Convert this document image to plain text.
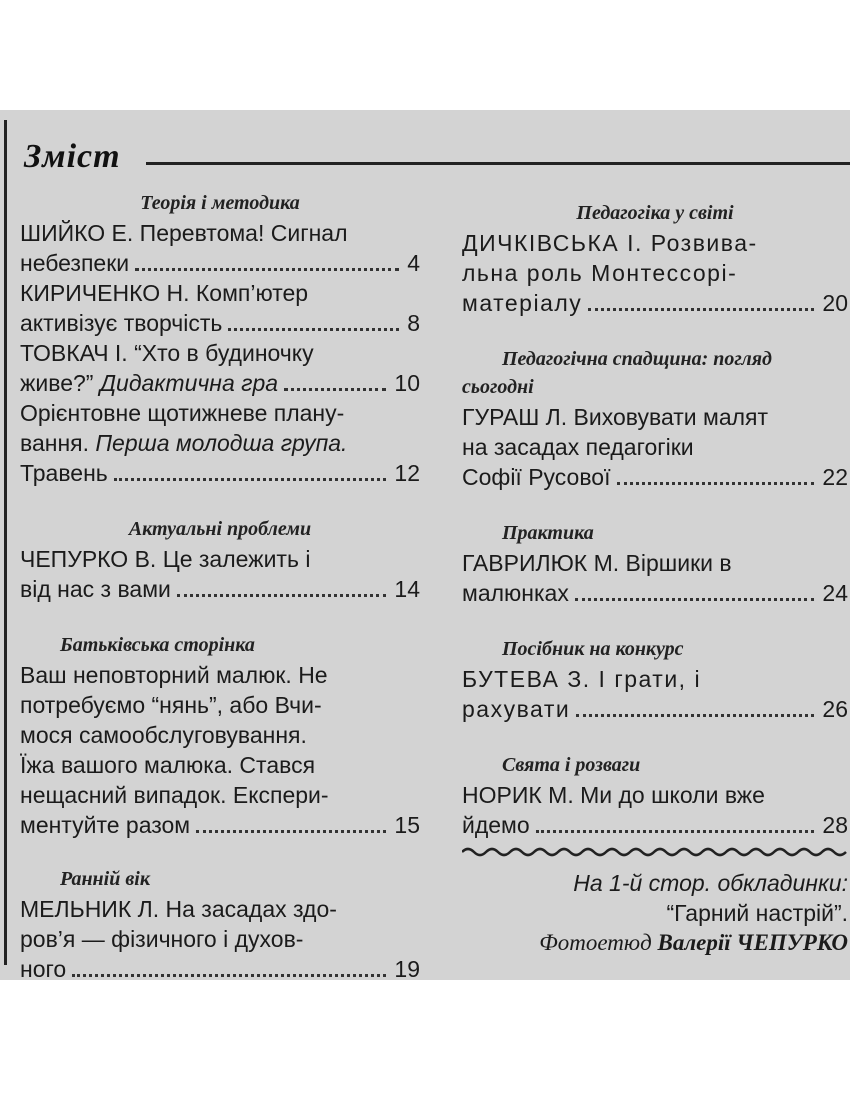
Зміст
Теорія і методика
ШИЙКО Е. Перевтома! Сигнал
небезпеки	4
КИРИЧЕНКО Н. Комп’ютер
активізує творчість	8
ТОВКАЧ І. “Хто в будиночку
живе?” Дидактична гра	10
Орієнтовне щотижневе плану-
вання. Перша молодша група.
Травень	12
Актуальні проблеми
ЧЕПУРКО В. Це залежить і
від нас з вами	14
Батьківська сторінка
Ваш неповторний малюк. Не
потребуємо “нянь”, або Вчи-
мося самообслуговування.
Їжа вашого малюка. Стався
нещасний випадок. Експери-
ментуйте разом	15
Ранній вік
МЕЛЬНИК Л. На засадах здо-
ров’я — фізичного і духов-
ного	19
Педагогіка у світі
ДИЧКІВСЬКА І. Розвива-
льна роль Монтессорі-
матеріалу	20
Педагогічна спадщина: погляд
сьогодні
ГУРАШ Л. Виховувати малят
на засадах педагогіки
Софії Русової	22
Практика
ГАВРИЛЮК М. Віршики в
малюнках	24
Посібник на конкурс
БУТЕВА З. І грати, і
рахувати	26
Свята і розваги
НОРИК М. Ми до школи вже
йдемо	28
На 1-й стор. обкладинки:
“Гарний настрій”.
Фотоетюд Валерії ЧЕПУРКО
